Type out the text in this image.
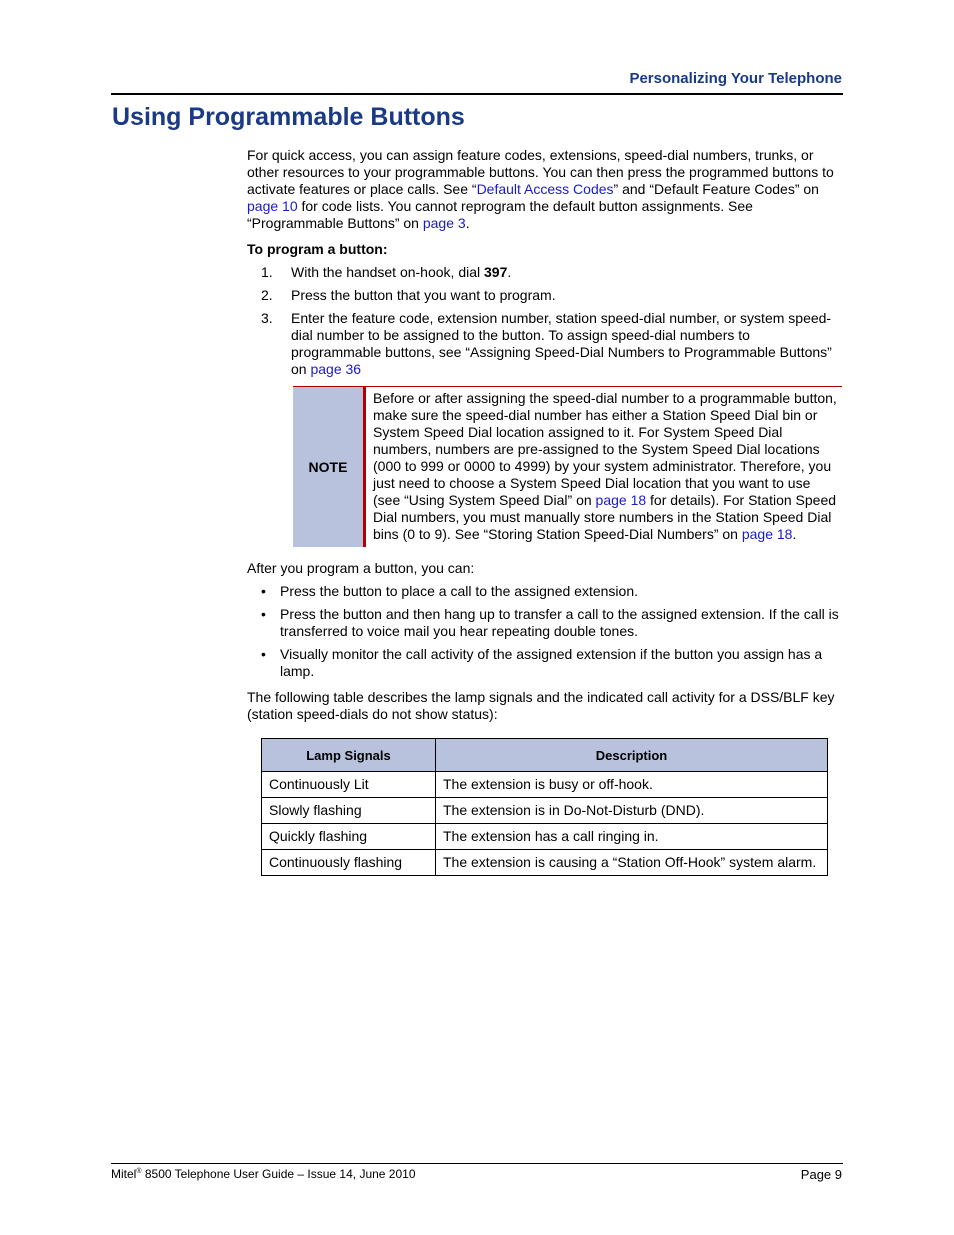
Personalizing Your Telephone
Using Programmable Buttons

For quick access, you can assign feature codes, extensions, speed-dial numbers, trunks, or other resources to your programmable buttons. You can then press the programmed buttons to activate features or place calls. See “Default Access Codes” and “Default Feature Codes” on page 10 for code lists. You cannot reprogram the default button assignments. See “Programmable Buttons” on page 3.

To program a button:

1. With the handset on-hook, dial 397.
2. Press the button that you want to program.
3. Enter the feature code, extension number, station speed-dial number, or system speed-dial number to be assigned to the button. To assign speed-dial numbers to programmable buttons, see “Assigning Speed-Dial Numbers to Programmable Buttons” on page 36
NOTE
Before or after assigning the speed-dial number to a programmable button, make sure the speed-dial number has either a Station Speed Dial bin or System Speed Dial location assigned to it. For System Speed Dial numbers, numbers are pre-assigned to the System Speed Dial locations (000 to 999 or 0000 to 4999) by your system administrator. Therefore, you just need to choose a System Speed Dial location that you want to use (see “Using System Speed Dial” on page 18 for details). For Station Speed Dial numbers, you must manually store numbers in the Station Speed Dial bins (0 to 9). See “Storing Station Speed-Dial Numbers” on page 18.

After you program a button, you can:

• Press the button to place a call to the assigned extension.
• Press the button and then hang up to transfer a call to the assigned extension. If the call is transferred to voice mail you hear repeating double tones.
• Visually monitor the call activity of the assigned extension if the button you assign has a lamp.

The following table describes the lamp signals and the indicated call activity for a DSS/BLF key (station speed-dials do not show status):

Lamp Signals	Description
Continuously Lit	The extension is busy or off-hook.
Slowly flashing	The extension is in Do-Not-Disturb (DND).
Quickly flashing	The extension has a call ringing in.
Continuously flashing	The extension is causing a “Station Off-Hook” system alarm.
Mitel® 8500 Telephone User Guide – Issue 14, June 2010	Page 9
